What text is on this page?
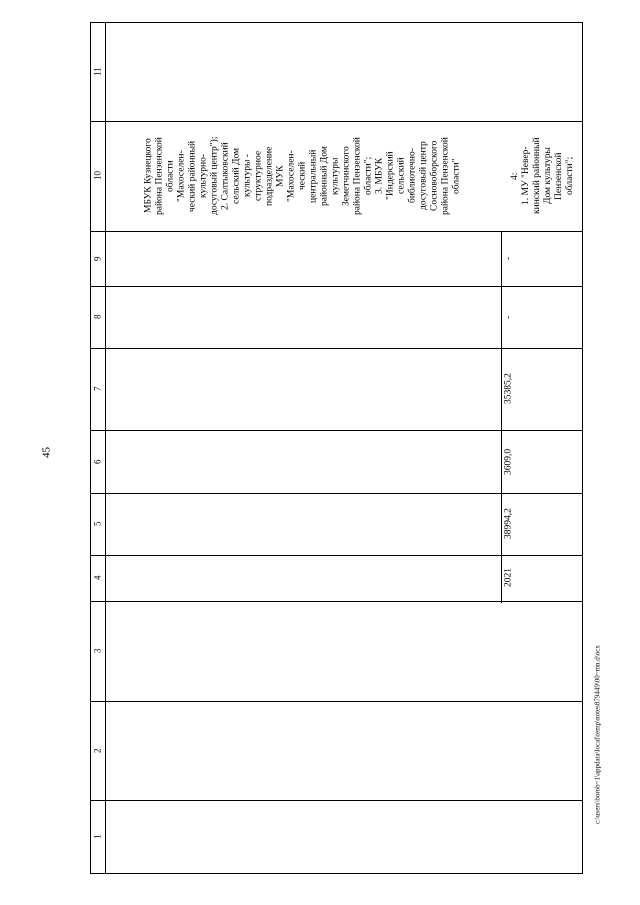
45
c:\users\borob~1\appdata\local\temp\notes879449\00~mn.d\ocx
11
10
9
8
7
6
5
4
3
2
1
МБУК Кузнецкого
района Пензенской
области
"Махоселен-
ческий районный
культурно-
досуговый центр");
2. Салтыковский
сельский Дом
культуры -
структурное
подразделение
МУК
"Махоселен-
ческий
центральный
районный Дом
культуры
Земетчинского
района Пензенской
области";
3. МБУК
"Индерский
сельский
библиотечно-
досуговый центр
Сосновоборского
района Пензенской
области"	4:
1. МУ "Невер-
кинский районный
Дом культуры
Пензенской
области";
-
-
35385,2
3609,0
38994,2
2021
